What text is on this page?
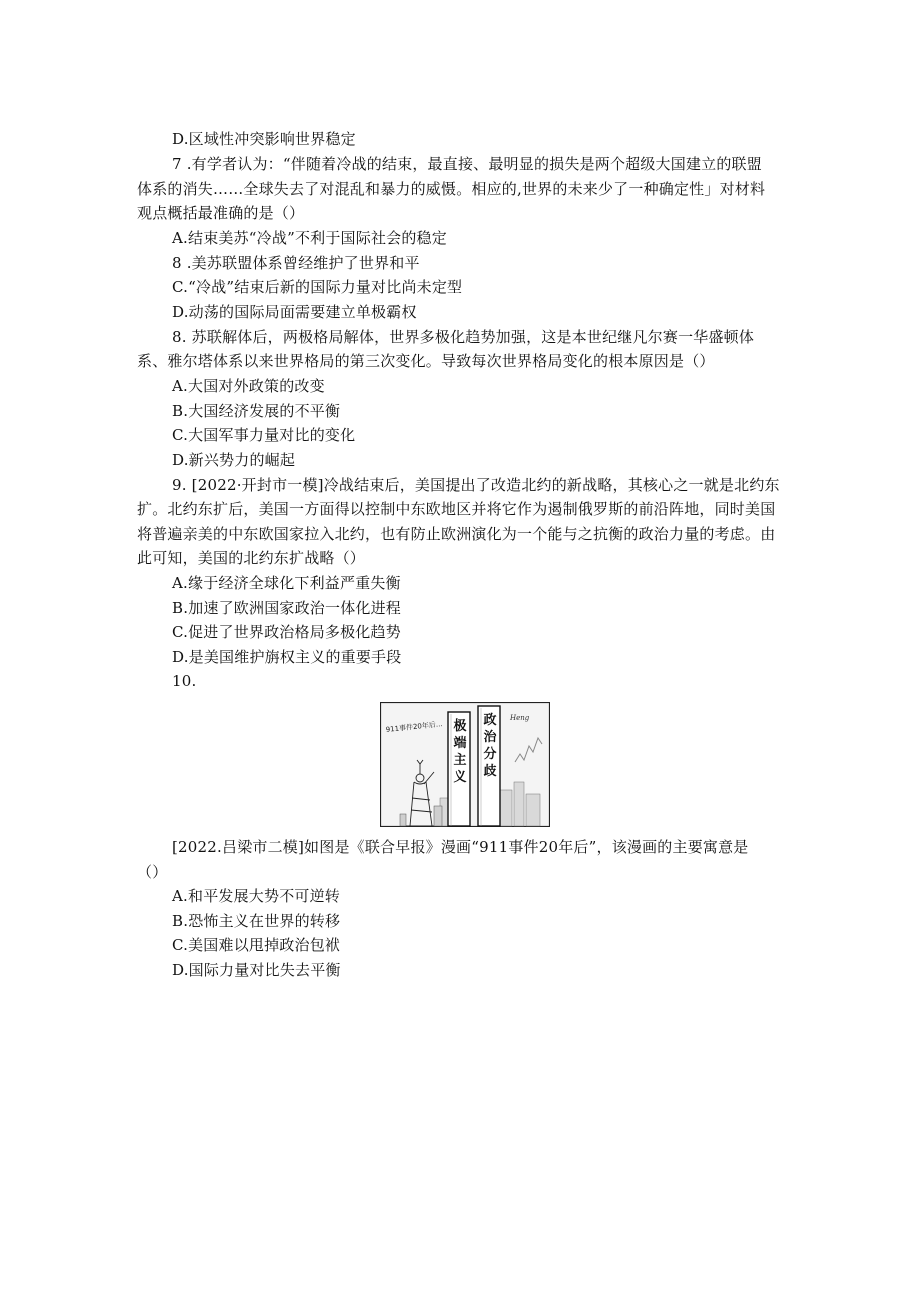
D.区域性冲突影响世界稳定
7 .有学者认为：“伴随着冷战的结束，最直接、最明显的损失是两个超级大国建立的联盟
体系的消失……全球失去了对混乱和暴力的威慑。相应的,世界的未来少了一种确定性」对材料
观点概括最准确的是（）
A.结束美苏“冷战”不利于国际社会的稳定
8 .美苏联盟体系曾经维护了世界和平
C.“冷战”结束后新的国际力量对比尚未定型
D.动荡的国际局面需要建立单极霸权
8. 苏联解体后，两极格局解体，世界多极化趋势加强，这是本世纪继凡尔赛一华盛顿体
系、雅尔塔体系以来世界格局的第三次变化。导致每次世界格局变化的根本原因是（）
A.大国对外政策的改变
B.大国经济发展的不平衡
C.大国军事力量对比的变化
D.新兴势力的崛起
9. [2022·开封市一模]冷战结束后，美国提出了改造北约的新战略，其核心之一就是北约东
扩。北约东扩后，美国一方面得以控制中东欧地区并将它作为遏制俄罗斯的前沿阵地，同时美国
将普遍亲美的中东欧国家拉入北约，也有防止欧洲演化为一个能与之抗衡的政治力量的考虑。由
此可知，美国的北约东扩战略（）
A.缘于经济全球化下利益严重失衡
B.加速了欧洲国家政治一体化进程
C.促进了世界政治格局多极化趋势
D.是美国维护旃权主义的重要手段
10.
911事件20年后...
Heng
极
端
主
义
政
治
分
歧
[2022.吕梁市二模]如图是《联合早报》漫画“911事件20年后”，该漫画的主要寓意是
（）
A.和平发展大势不可逆转
B.恐怖主义在世界的转移
C.美国难以甩掉政治包袱
D.国际力量对比失去平衡
